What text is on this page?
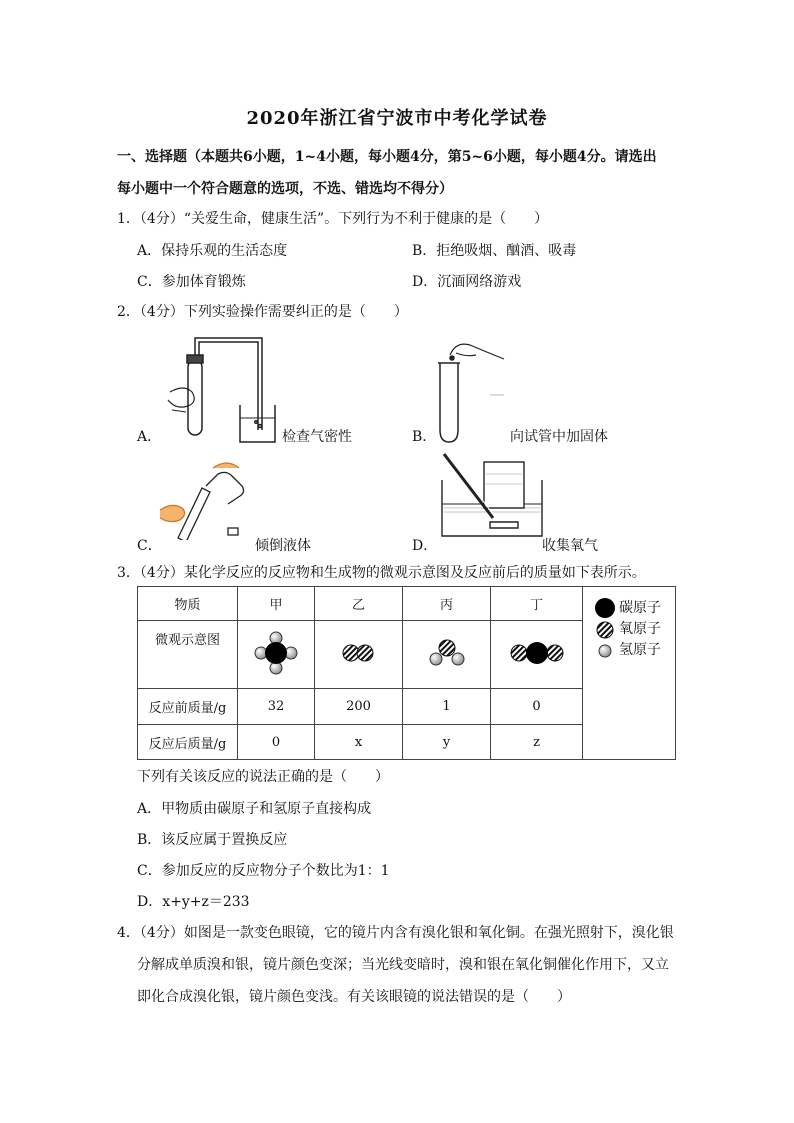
2020年浙江省宁波市中考化学试卷
一、选择题（本题共6小题，1~4小题，每小题4分，第5~6小题，每小题4分。请选出
每小题中一个符合题意的选项，不选、错选均不得分）
1．（4分）“关爱生命，健康生活”。下列行为不利于健康的是（　　）
A．保持乐观的生活态度	B．拒绝吸烟、酗酒、吸毒
C．参加体育锻炼	D．沉湎网络游戏
2．（4分）下列实验操作需要纠正的是（　　）
A．	检查气密性	B．	向试管中加固体
C．	倾倒液体	D．	收集氧气
3．（4分）某化学反应的反应物和生成物的微观示意图及反应前后的质量如下表所示。
物质	甲	乙	丙	丁	碳原子
氧原子
氢原子

微观示意图				
反应前质量/g	32	200	1	0	
反应后质量/g	0	x	y	z	
下列有关该反应的说法正确的是（　　）
A．甲物质由碳原子和氢原子直接构成
B．该反应属于置换反应
C．参加反应的反应物分子个数比为1：1
D．x+y+z＝233
4．（4分）如图是一款变色眼镜，它的镜片内含有溴化银和氧化铜。在强光照射下，溴化银
分解成单质溴和银，镜片颜色变深；当光线变暗时，溴和银在氧化铜催化作用下，又立
即化合成溴化银，镜片颜色变浅。有关该眼镜的说法错误的是（　　）
